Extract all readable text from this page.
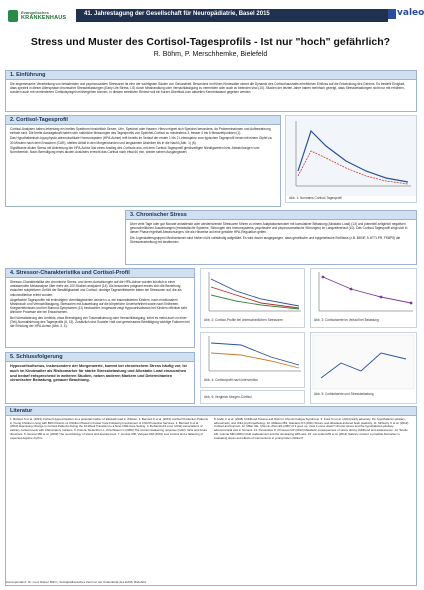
Evangelisches
KRANKENHAUS
41. Jahrestagung der Gesellschaft für Neuropädiatrie, Basel 2015	valeo
Stress und Muster des Cortisol-Tagesprofils - Ist nur "hoch" gefährlich?
R. Böhm, P. Merschhemke, Bielefeld
1. Einführung
Die angemessene Verarbeitung von belastenden und psychosozialen Stressoren ist eine der wichtigsten Säulen von Gesundheit. Besonders im frühen Kindesalter nimmt die Dynamik des Cortisolhaushalts erheblichen Einfluss auf die Entwicklung des Gehirns. Es besteht Einigkeit, dass speziell in dieser Altersphase chronischer Stressbelastungen (Early Life Stress, LS) durch Misshandlung oder Vernachlässigung zu vermeiden oder auch zu beenden sind (10). Studien der letzten Jahre haben mehrfach gezeigt, dass Stressbelastungen nicht nur mit erhöhten, sondern auch mit verminderten Cortisolspiegeln einhergehen können. In diesem selektiven Review soll ein kurzer Überblick zum aktuellen Kenntnisstand gegeben werden.
2. Cortisol-Tagesprofil

Cortisol-Analysen haben lebenlang ein breites Spektrum hinsichtlich Serum, Urin, Speichel oder Haaren. Hierzu eignet sich Speichel besonders, da Probeentnahmen und Aufbewahrung einfach sind. Die breite Aussagekraft haben sich natürliche Messungen des Tagesprofils von Speichel-Cortisol zu mindestens 3, besser 4 bis 6 Messzeitpunkten (1).

Das Hypothalamisch-hypophysär-adrenokortikale Hormonsystem (HPA-Achse) reift bereits im Verlauf der ersten 1 bis 2 Lebensjahre zum typischen Tagesprofil heran mit einem Gipfel ca. 30 Minuten nach dem Erwachen (CAR), steilem Abfall in den Morgenstunden und langsamem Absinken bis in die Nacht (Abb. 1) (6).

Signifikante akuter Stress mit Aktivierung der HPA-Achse löst einen Anstieg des Cortisols aus, mit dem Cortisol-Tagesprofil gleichzeitigen Niedrigwerten bzw. Abweichungen vom Normbereich. Nach Beendigung eines akuten Auslösers erreicht das Cortisol nach etwa 60 min. wieder seinen Ausgangswert.

Abb. 1: Normales Cortisol-Tagesprofil
3. Chronischer Stress

Über viele Tage oder gar Monate anhaltende oder wiederholende Stressoren führen zu einem Adaptationsmuster mit kumulativer Belastung (Allostatic Load) (13) und potentiell zeitgleich negativen gesundheitlichen Auswirkungen (metabolische Systeme, Störungen des Immunsystems, psychische und psychosomatische Störungen) im Langzeitverlauf (10). Das Cortisol-Tagesprofil zeigt sich in dieser Phase regelhaft Abweichungen, die als Hinweise auf eine gestörte HPA-Regulation gelten.

Die Jugendaltersgruppen Mechanismen sind bisher nicht vollständig aufgeklärt. Es wird davon ausgegangen, dass genetische und epigenetische Einflüsse (z.B. BDNF, 5-HTTLPR, FKBP5) die Stressverarbeitung mit bestimmen.

4. Stressor-Charakteristika und Cortisol-Profil

Stressor-Charakteristika wie chronische Stress- und deren Auswirkungen auf die HPA-Achse wurden kürzlich in einer umfassenden Metaanalyse über mehr als 100 Studien analysiert (14). Als besonders prägnant erwies sich die Beziehung zwischen subjektivem Gefühl der Bewältigbarkeit und Cortisol: niedrige Tagesmittelwerte traten bei Stressoren auf, die als unkontrollierbar erlebt wurden.

Abgeflachte Tagesprofile mit erniedrigten Vormittagswerten wurden u.a. bei traumatisierten Kindern, nach emotionalem Missbrauch und Vernachlässigung, Stressoren mit Auswirkung auf die körperliche Unversehrtheit sowie nach Erdbeben, Kriegserlebnissen und bei Burnout-Symptomen (11) beobachtet. Insgesamt zeigt Hypocortisolismus bei Kindern offenbar sehr ähnliche Prozesse wie bei Erwachsenen.

Bei Normalisierung des Umfelds, etwa Beendigung von Traumatisierung oder Vernachlässigung, kehrt es meist auch zu einer (Teil)-Normalisierung des Tagesprofils (6, 15). Zusätzlich sind Sozialer Halt und gemeinsame Bewältigung wichtige Faktoren bei der Erholung der HPA-Achse (Abb. 3, 4).

Abb. 2: Cortisol-Profile bei unterschiedlichen Stressoren	Abb. 3: Cortisolwerte im Verlauf bei Belastung
Abb. 4: Cortisolprofil nach Intervention
Abb. 5: Cortisolwerte und Stressbelastung
5. Schlussfolgerung
Hypocortisolismus, insbesondere der Morgenwerte, kommt bei chronischem Stress häufig vor, ist auch im Kindesalter als Risikomarker für starke Stressbelastung und Allostatic Load einzuordnen und bedarf entsprechend in weiteren Studien, neben anderen Markern und Determinanten chronischer Belastung, genauer Beachtung.
Abb. 6: Vergleich Morgen-Cortisol
Literatur
1. Bozkurt S et al. (2013) Cortisol Hypocortisolism as a potential marker of allostatic load in children. 2. Bernard K et al. (2015) Cortisol Production Patterns in Young Children Living with Birth Parents vs Children Placed in Foster Care Following Involvement of Child Protective Services. 3. Bernard K et al. (2010) Examining Change in Cortisol Patterns During the 10-Week Transition to a New Child-Care Setting. 4. DeSantis AS et al. (2011) Associations of salivary cortisol levels with inflammatory markers. 5. Fries E, Dettenborn L, Kirschbaum C (2009) The cortisol awakening response (CAR): facts and future directions. 6. Gunnar MR et al. (2009) The neurobiology of stress and development. 7. Gunnar MR, Vazquez DM (2001) Low cortisol and a flattening of expected daytime rhythm.
8. Hahn C et al. (2008) Childhood Trauma and Risk for Chronic Fatigue Syndrome. 9. Koss KJ et al. (2014) Early adversity, the hypothalamic-pituitary-adrenal axis, and child psychopathology. 10. McEwen BS, Gianaros PJ (2011) Stress- and allostasis-induced brain plasticity. 11. McGarry C et al. (2012) Cortisol and burnout. 12. Miller GE, Chen E, Zhou ES (2007) If it goes up, must it come down? Chronic stress and the hypothalamic-pituitary-adrenocortical axis in humans. 13. Pervanidou P, Chrousos GP (2012) Metabolic consequences of stress during childhood and adolescence. 14. Tarullo AR, Gunnar MR (2006) Child maltreatment and the developing HPA axis. 15. van Andel HW et al. (2014) Salivary cortisol: a possible biomarker in evaluating stress and effects of interventions in young foster children?
Korrespondenz: Dr. med. Rainer Böhm, Sozialpädiatrisches Zentrum der Kinderklinik des EvKB, Bielefeld
